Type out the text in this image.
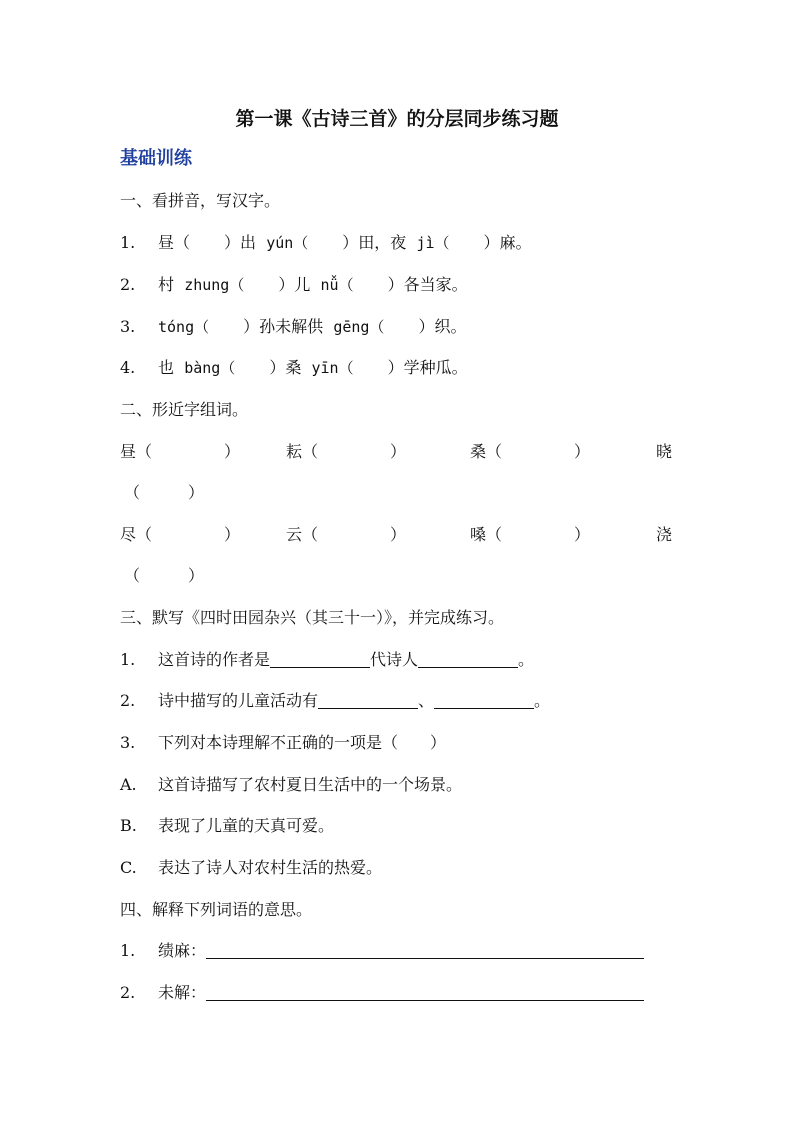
第一课《古诗三首》的分层同步练习题
基础训练
一、看拼音，写汉字。
1. 昼（ ）出 yún（ ）田，夜 jì（ ）麻。
2. 村 zhung（ ）儿 nǚ（ ）各当家。
3. tóng（ ）孙未解供 gēng（ ）织。
4. 也 bàng（ ）桑 yīn（ ）学种瓜。
二、形近字组词。
昼（	）	耘（	）	桑（	）	晓
（　　　）
尽（	）	云（	）	嗓（	）	浇
（　　　）
三、默写《四时田园杂兴（其三十一）》，并完成练习。
1. 这首诗的作者是	代诗人	。
2. 诗中描写的儿童活动有	、	。
3. 下列对本诗理解不正确的一项是（　　）
A. 这首诗描写了农村夏日生活中的一个场景。
B. 表现了儿童的天真可爱。
C. 表达了诗人对农村生活的热爱。
四、解释下列词语的意思。
1. 绩麻：
2. 未解：
